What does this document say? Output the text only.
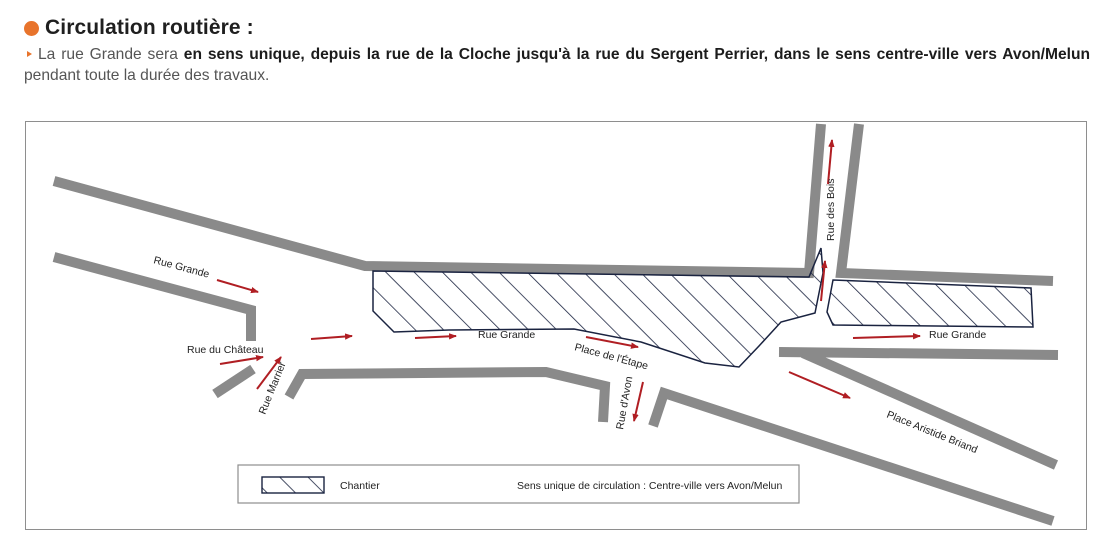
Circulation routière :
La rue Grande sera en sens unique, depuis la rue de la Cloche jusqu'à la rue du Sergent Perrier, dans le sens centre-ville vers Avon/Melun pendant toute la durée des travaux.
Rue Grande
Rue Grande	Rue Grande
Rue du Château
Rue Marrier
Place de l'Étape
Rue d'Avon
Rue des Bois
Place Aristide Briand
Chantier	Sens unique de circulation : Centre-ville vers Avon/Melun
